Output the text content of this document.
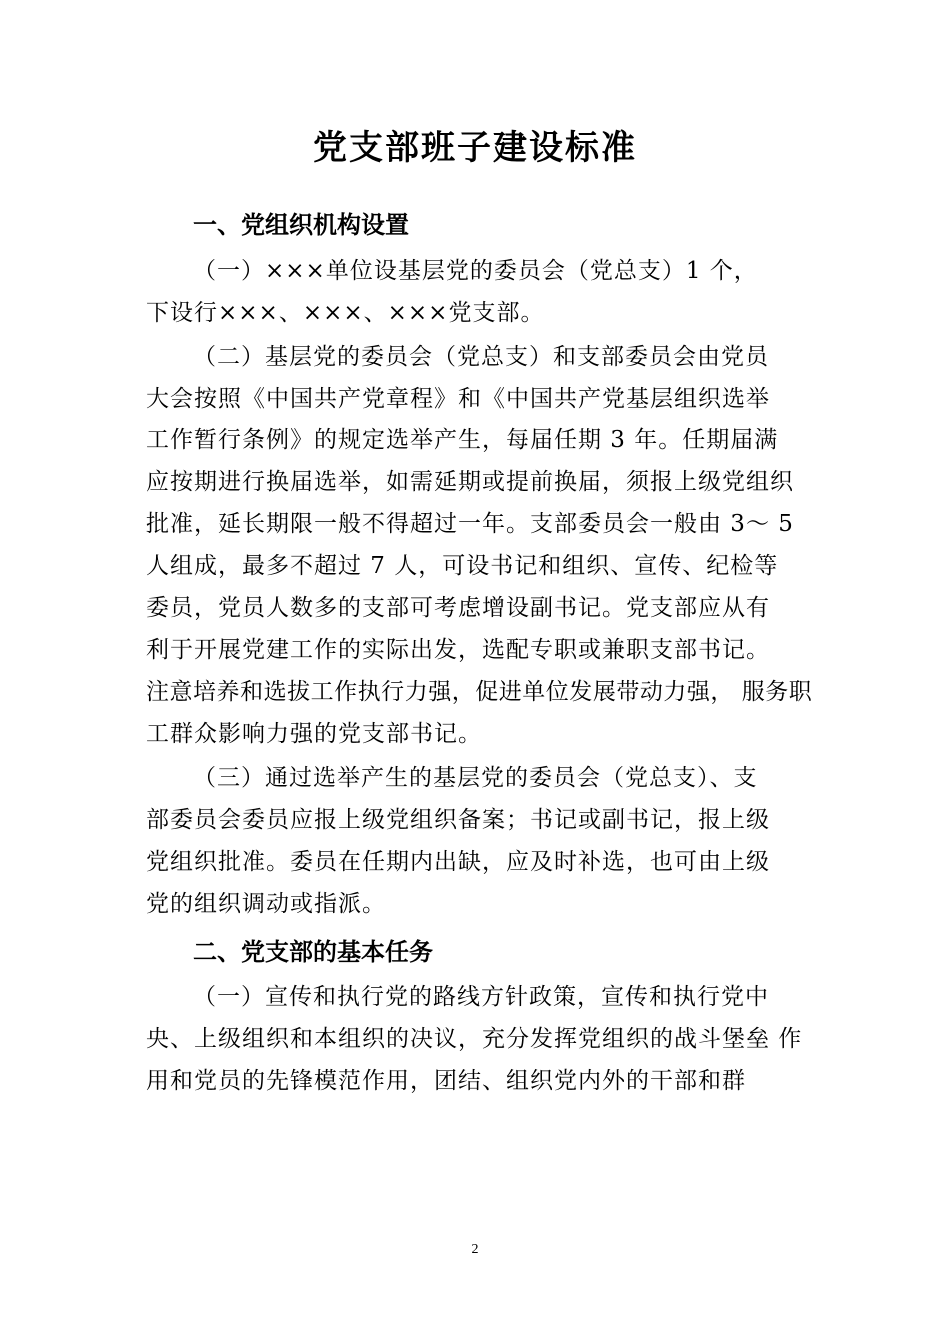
党支部班子建设标准
一、党组织机构设置
（一）×××单位设基层党的委员会（党总支）1 个，
下设行×××、×××、×××党支部。
（二）基层党的委员会（党总支）和支部委员会由党员
大会按照《中国共产党章程》和《中国共产党基层组织选举
工作暂行条例》的规定选举产生，每届任期 3 年。任期届满
应按期进行换届选举，如需延期或提前换届，须报上级党组织
批准，延长期限一般不得超过一年。支部委员会一般由 3～ 5
人组成，最多不超过 7 人，可设书记和组织、宣传、纪检等
委员，党员人数多的支部可考虑增设副书记。党支部应从有
利于开展党建工作的实际出发，选配专职或兼职支部书记。
注意培养和选拔工作执行力强，促进单位发展带动力强， 服务职
工群众影响力强的党支部书记。
（三）通过选举产生的基层党的委员会（党总支）、支
部委员会委员应报上级党组织备案；书记或副书记，报上级
党组织批准。委员在任期内出缺，应及时补选，也可由上级
党的组织调动或指派。
二、党支部的基本任务
（一）宣传和执行党的路线方针政策，宣传和执行党中
央、上级组织和本组织的决议，充分发挥党组织的战斗堡垒 作
用和党员的先锋模范作用，团结、组织党内外的干部和群
2
